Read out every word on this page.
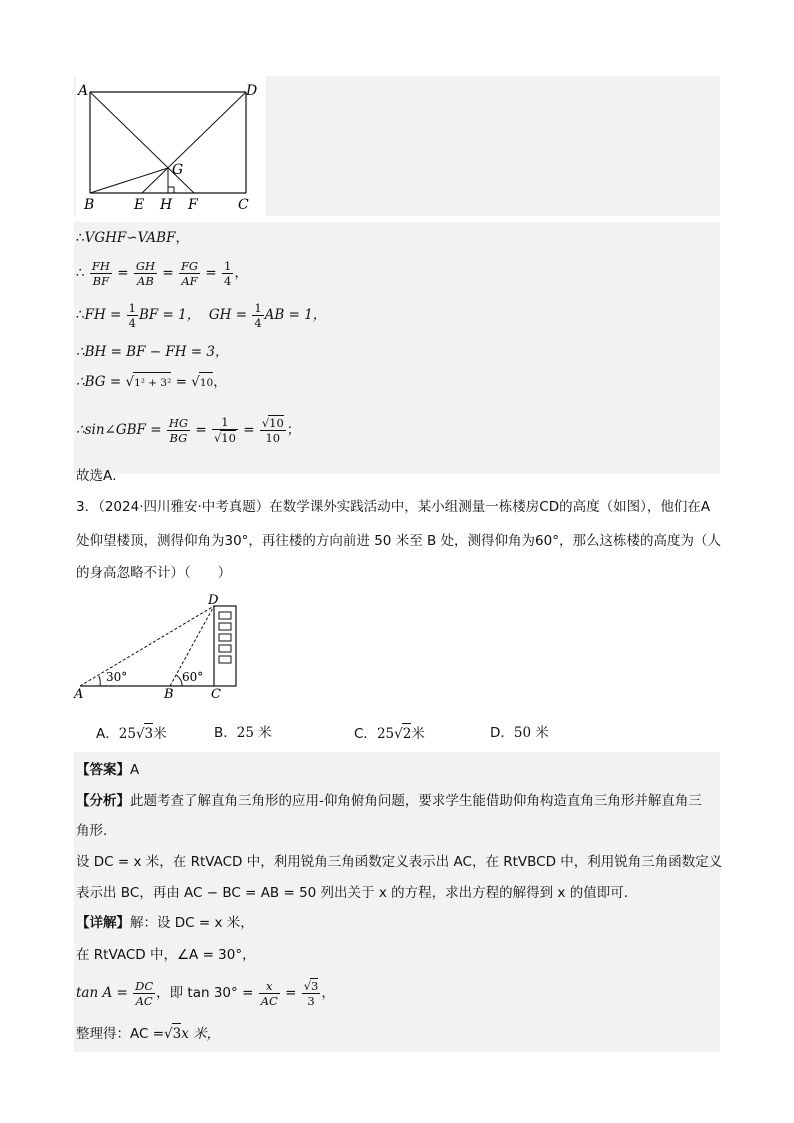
A	D
G
B	E H F	C
∴VGHF∽VABF，
∴ $\frac{FH}{BF} = \frac{GH}{AB} = \frac{FG}{AF} = \frac{1}{4}$ ，
∴FH = $\frac{1}{4}$ BF = 1， GH = $\frac{1}{4}$ AB = 1，
∴BH = BF − FH = 3，
∴BG = √1² + 3² = √10，
∴sin∠GBF = $\frac{HG}{BG} = \frac{1}{√10} = \frac{√10}{10}$ ；
故选A．
3．（2024·四川雅安·中考真题）在数学课外实践活动中，某小组测量一栋楼房CD的高度（如图），他们在A
处仰望楼顶，测得仰角为30°，再往楼的方向前进 50 米至 B 处，测得仰角为60°，那么这栋楼的高度为（人
的身高忽略不计）（　　）
30°	60°
D
A	B	C
A．25√3米	B．25 米	C．25√2米	D．50 米
【答案】A
【分析】此题考查了解直角三角形的应用-仰角俯角问题，要求学生能借助仰角构造直角三角形并解直角三
角形．
设 DC = x 米，在 RtVACD 中，利用锐角三角函数定义表示出 AC，在 RtVBCD 中，利用锐角三角函数定义
表示出 BC，再由 AC − BC = AB = 50 列出关于 x 的方程，求出方程的解得到 x 的值即可．
【详解】解：设 DC = x 米，
在 RtVACD 中，∠A = 30°，
$\tan A = \frac{DC}{AC}$ ，即 $\tan 30^\circ = \frac{x}{AC} = \frac{√3}{3}$ ，
整理得：AC =√3x 米，
